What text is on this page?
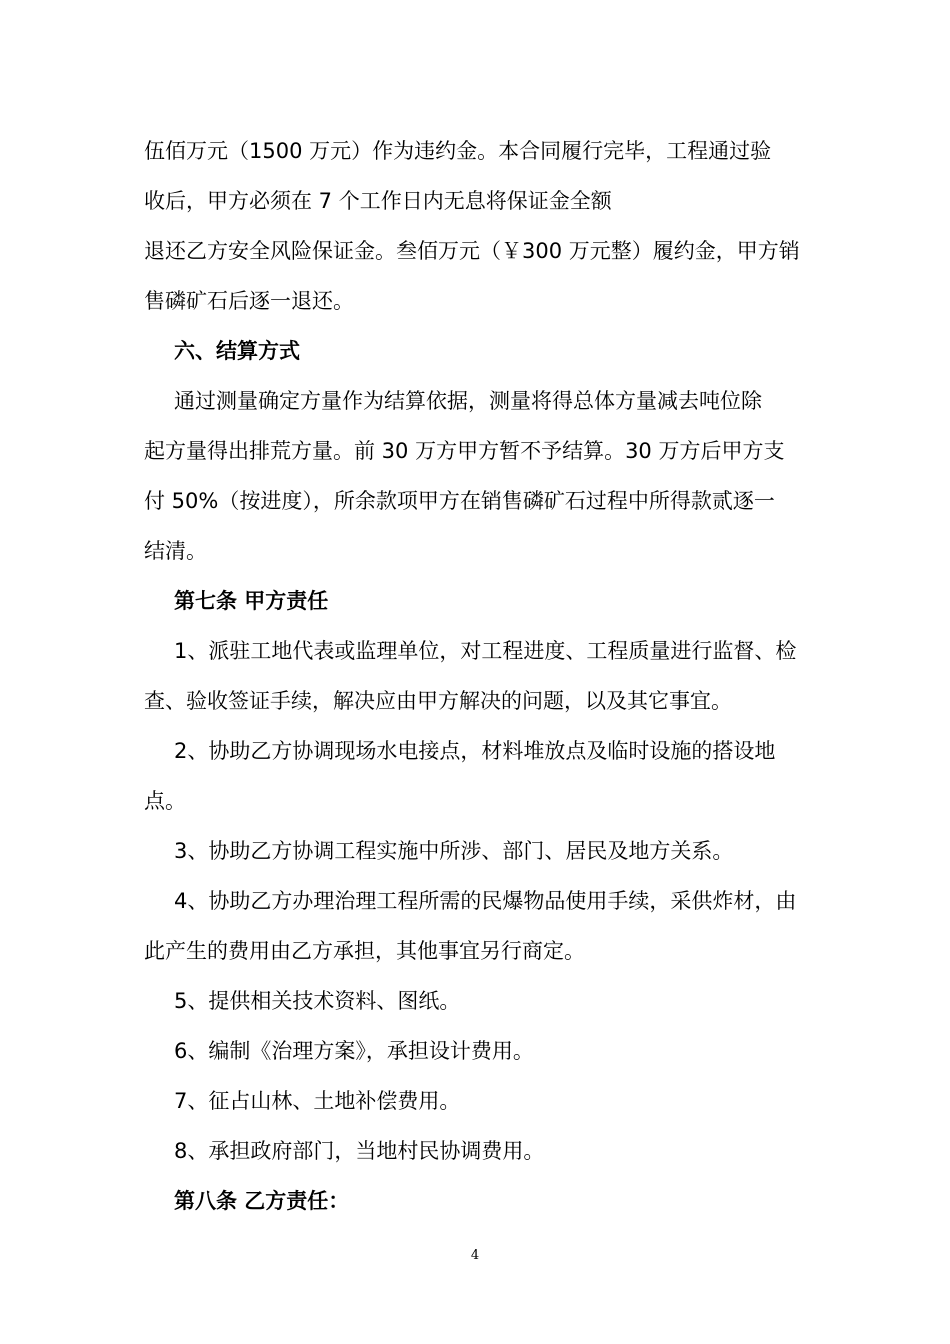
伍佰万元（1500 万元）作为违约金。本合同履行完毕，工程通过验
收后，甲方必须在 7 个工作日内无息将保证金全额
退还乙方安全风险保证金。叁佰万元（￥300 万元整）履约金，甲方销
售磷矿石后逐一退还。
六、结算方式
通过测量确定方量作为结算依据，测量将得总体方量减去吨位除
起方量得出排荒方量。前 30 万方甲方暂不予结算。30 万方后甲方支
付 50%（按进度），所余款项甲方在销售磷矿石过程中所得款贰逐一
结清。
第七条 甲方责任
1、派驻工地代表或监理单位，对工程进度、工程质量进行监督、检
查、验收签证手续，解决应由甲方解决的问题，以及其它事宜。
2、协助乙方协调现场水电接点，材料堆放点及临时设施的搭设地
点。
3、协助乙方协调工程实施中所涉、部门、居民及地方关系。
4、协助乙方办理治理工程所需的民爆物品使用手续，采供炸材，由
此产生的费用由乙方承担，其他事宜另行商定。
5、提供相关技术资料、图纸。
6、编制《治理方案》，承担设计费用。
7、征占山林、土地补偿费用。
8、承担政府部门，当地村民协调费用。
第八条 乙方责任：
4
